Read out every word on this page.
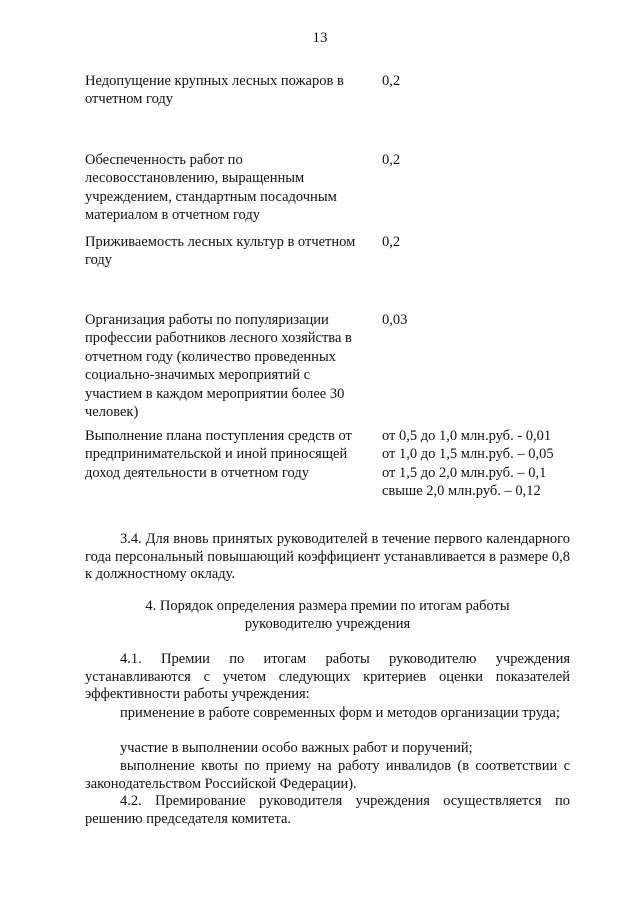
13
Недопущение крупных лесных пожаров в отчетном году
0,2
Обеспеченность работ по лесовосстановлению, выращенным учреждением, стандартным посадочным материалом в отчетном году
0,2
Приживаемость лесных культур в отчетном году
0,2
Организация работы по популяризации профессии работников лесного хозяйства в отчетном году (количество проведенных социально-значимых мероприятий с участием в каждом мероприятии более 30 человек)
0,03
Выполнение плана поступления средств от предпринимательской и иной приносящей доход деятельности в отчетном году
от 0,5 до 1,0 млн.руб. - 0,01
от 1,0 до 1,5 млн.руб. – 0,05
от 1,5 до 2,0 млн.руб. – 0,1
свыше 2,0 млн.руб. – 0,12
3.4. Для вновь принятых руководителей в течение первого календарного года персональный повышающий коэффициент устанавливается в размере 0,8 к должностному окладу.
4. Порядок определения размера премии по итогам работы
руководителю учреждения
4.1. Премии по итогам работы руководителю учреждения устанавливаются с учетом следующих критериев оценки показателей эффективности работы учреждения:
применение в работе современных форм и методов организации труда;
участие в выполнении особо важных работ и поручений;
выполнение квоты по приему на работу инвалидов (в соответствии с законодательством Российской Федерации).
4.2. Премирование руководителя учреждения осуществляется по решению председателя комитета.
